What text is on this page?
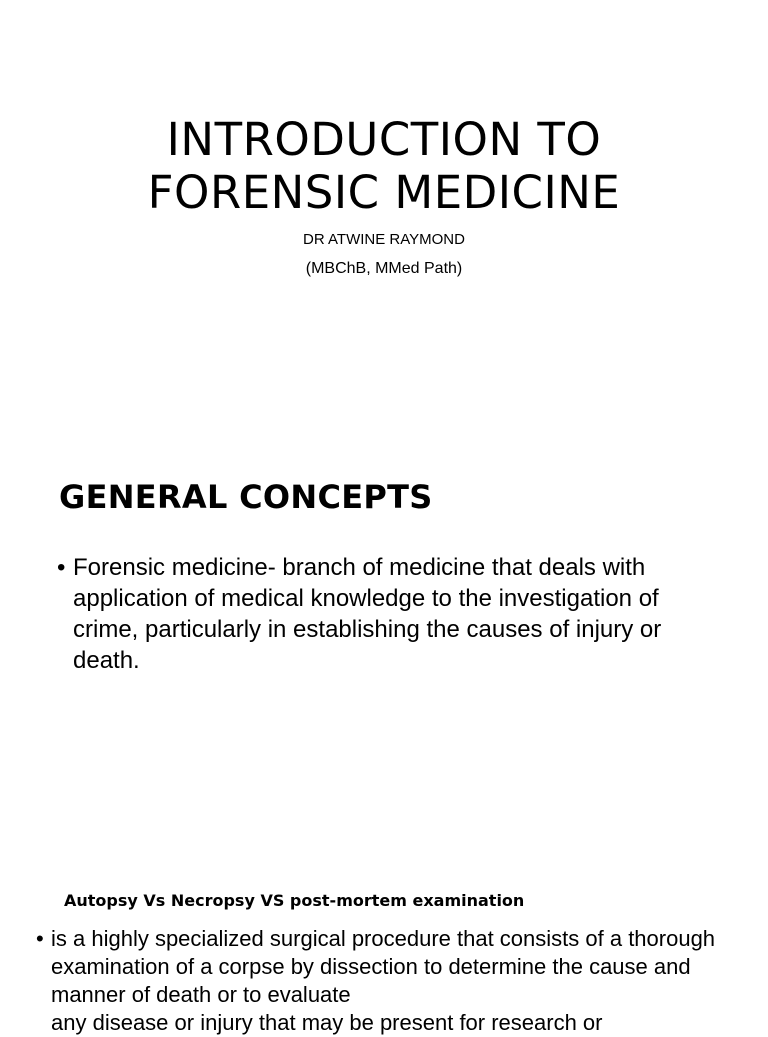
INTRODUCTION TO
FORENSIC MEDICINE
DR ATWINE RAYMOND
(MBChB, MMed Path)
GENERAL CONCEPTS
• Forensic medicine- branch of medicine that deals with application of medical knowledge to the investigation of crime, particularly in establishing the causes of injury or death.
Autopsy Vs Necropsy VS post-mortem examination
• is a highly specialized surgical procedure that consists of a thorough examination of a corpse by dissection to determine the cause and manner of death or to evaluate
any disease or injury that may be present for research or
